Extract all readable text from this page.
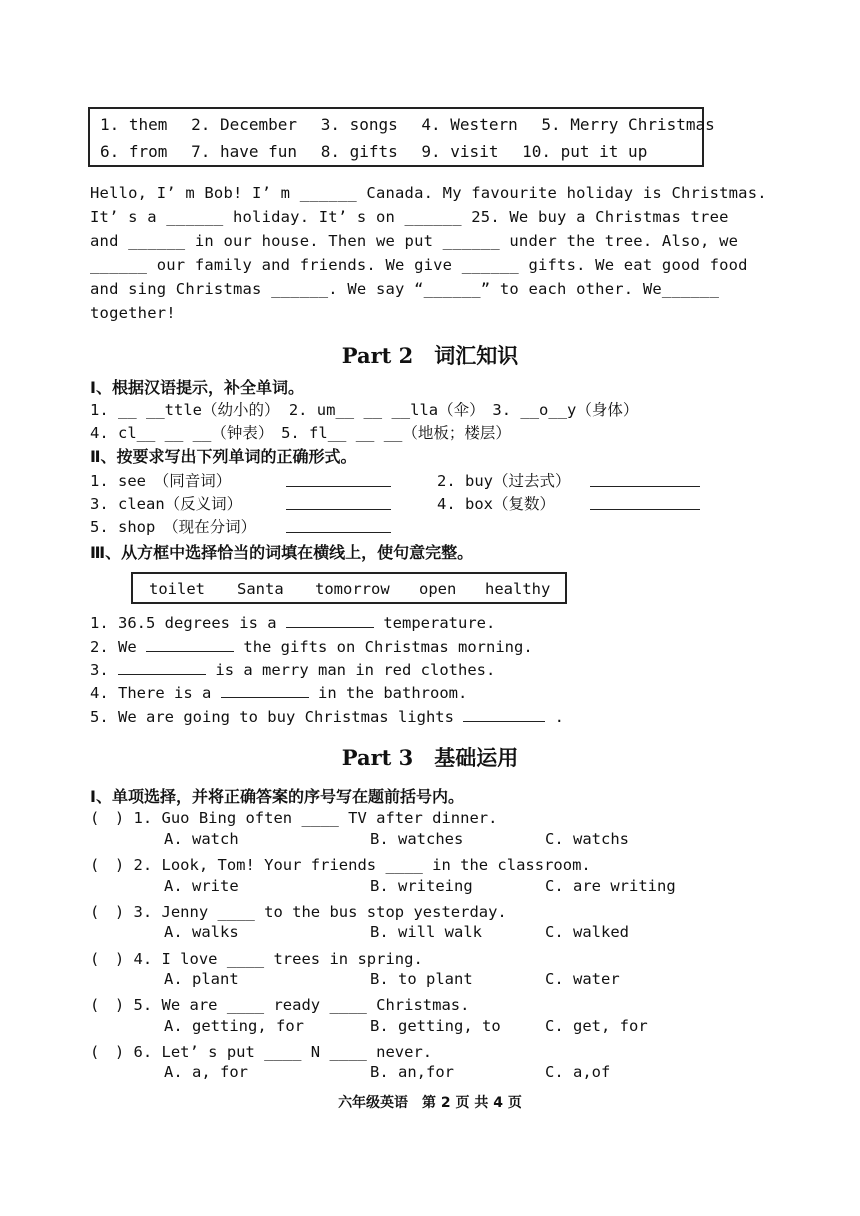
1. them 2. December 3. songs 4. Western 5. Merry Christmas
6. from 7. have fun 8. gifts 9. visit 10. put it up
Hello, I’ m Bob! I’ m ______ Canada. My favourite holiday is Christmas.
It’ s a ______ holiday. It’ s on ______ 25. We buy a Christmas tree
and ______ in our house. Then we put ______ under the tree. Also, we
______ our family and friends. We give ______ gifts. We eat good food
and sing Christmas ______. We say “______” to each other. We______
together!
Part 2　词汇知识
Ⅰ、根据汉语提示，补全单词。
1. __ __ttle（幼小的） 2. um__ __ __lla（伞）　3. __o__y（身体）
4. cl__ __ __（钟表）　5. fl__ __ __（地板；楼层）
Ⅱ、按要求写出下列单词的正确形式。
1. see　（同音词）	2. buy（过去式）
3. clean（反义词）	4. box（复数）
5. shop　（现在分词）
Ⅲ、从方框中选择恰当的词填在横线上，使句意完整。
toilet Santa tomorrow open healthy
1. 36.5 degrees is a	temperature.
2. We	the gifts on Christmas morning.
3.	is a merry man in red clothes.
4. There is a	in the bathroom.
5. We are going to buy Christmas lights	.
Part 3　基础运用
Ⅰ、单项选择，并将正确答案的序号写在题前括号内。
(　) 1. Guo Bing often ____ TV after dinner.
A. watch	B. watches	C. watchs
(　) 2. Look, Tom! Your friends ____ in the classroom.
A. write	B. writeing	C. are writing
(　) 3. Jenny ____ to the bus stop yesterday.
A. walks	B. will walk	C. walked
(　) 4. I love ____ trees in spring.
A. plant	B. to plant	C. water
(　) 5. We are ____ ready ____ Christmas.
A. getting, for	B. getting, to	C. get, for
(　) 6. Let’ s put ____ N ____ never.
A. a, for	B. an,for	C. a,of
六年级英语　第 2 页 共 4 页
